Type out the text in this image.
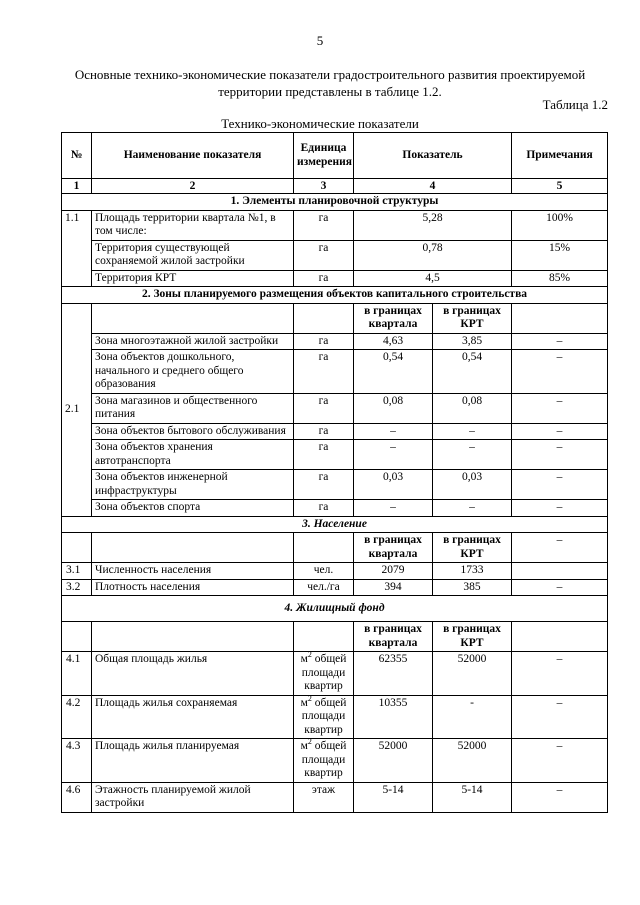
5
Основные технико-экономические показатели градостроительного развития проектируемой территории представлены в таблице 1.2.
Таблица 1.2
Технико-экономические показатели
№	Наименование показателя	Единица измерения	Показатель		Примечания
1	2	3	4		5
1. Элементы планировочной структуры					
1.1	Площадь территории квартала №1, в том числе:	га	5,28		100%
	Территория существующей сохраняемой жилой застройки	га	0,78		15%
	Территория КРТ	га	4,5		85%
2. Зоны планируемого размещения объектов капитального строительства					
2.1			в границах квартала	в границах КРТ	
	Зона многоэтажной жилой застройки	га	4,63	3,85	–
	Зона объектов дошкольного, начального и среднего общего образования	га	0,54	0,54	–
	Зона магазинов и общественного питания	га	0,08	0,08	–
	Зона объектов бытового обслуживания	га	–	–	–
	Зона объектов хранения автотранспорта	га	–	–	–
	Зона объектов инженерной инфраструктуры	га	0,03	0,03	–
	Зона объектов спорта	га	–	–	–
3. Население					
			в границах квартала	в границах КРТ	–
3.1	Численность населения	чел.	2079	1733	
3.2	Плотность населения	чел./га	394	385	–
4. Жилищный фонд					
			в границах квартала	в границах КРТ	
4.1	Общая площадь жилья	$м^2$ общей площади квартир	62355	52000	–
4.2	Площадь жилья сохраняемая	$м^2$ общей площади квартир	10355	-	–
4.3	Площадь жилья планируемая	$м^2$ общей площади квартир	52000	52000	–
4.6	Этажность планируемой жилой застройки	этаж	5-14	5-14	–
